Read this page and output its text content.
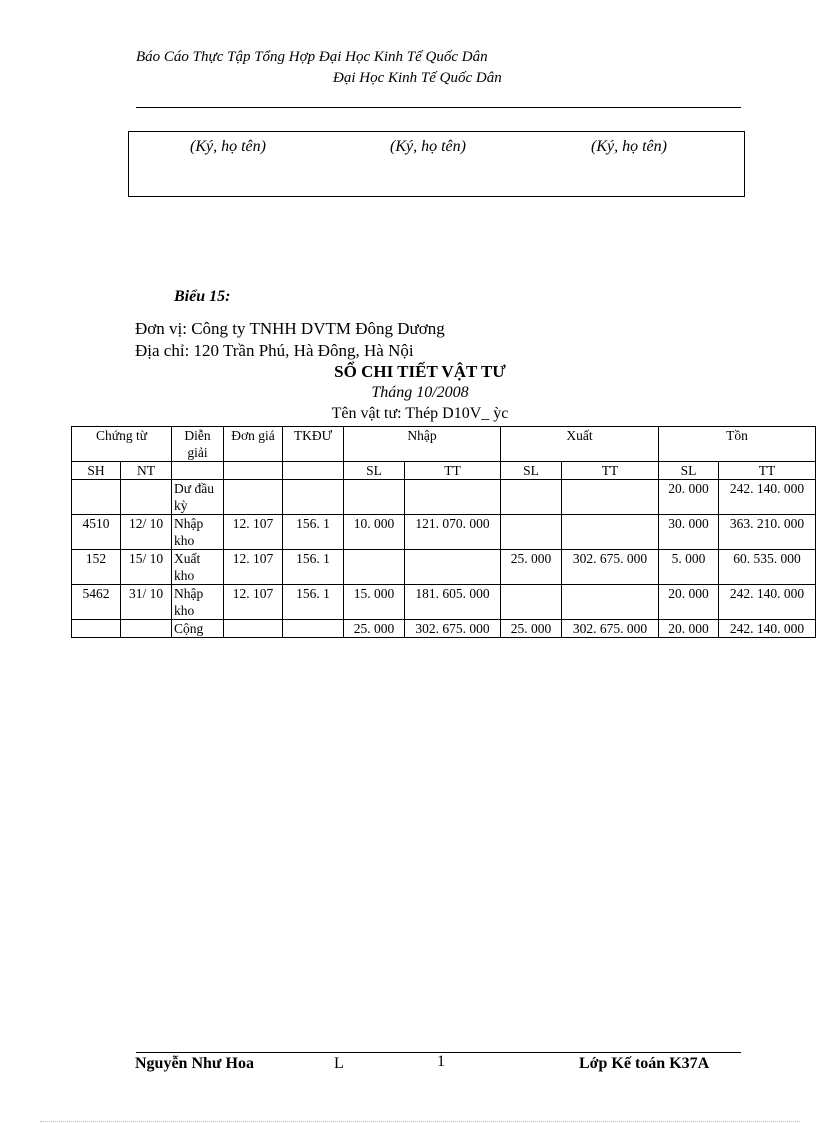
Báo Cáo Thực Tập Tổng Hợp Đại Học Kinh Tế Quốc Dân
Đại Học Kinh Tế Quốc Dân
(Ký, họ tên)	(Ký, họ tên)	(Ký, họ tên)
Biểu 15:
Đơn vị: Công ty TNHH DVTM Đông Dương
Địa chỉ: 120 Trần Phú, Hà Đông, Hà Nội
SỔ CHI TIẾT VẬT TƯ
Tháng 10/2008
Tên vật tư: Thép D10V_ ỳc
Chứng từ		Diễn giải	Đơn giá	TKĐƯ	Nhập		Xuất		Tồn	
SH	NT				SL	TT	SL	TT	SL	TT
		Dư đầu kỳ							20. 000	242. 140. 000
4510	12/ 10	Nhập kho	12. 107	156. 1	10. 000	121. 070. 000			30. 000	363. 210. 000
152	15/ 10	Xuất kho	12. 107	156. 1			25. 000	302. 675. 000	5. 000	60. 535. 000
5462	31/ 10	Nhập kho	12. 107	156. 1	15. 000	181. 605. 000			20. 000	242. 140. 000
		Cộng			25. 000	302. 675. 000	25. 000	302. 675. 000	20. 000	242. 140. 000
Nguyễn Như Hoa	L	1	Lớp Kế toán K37A
